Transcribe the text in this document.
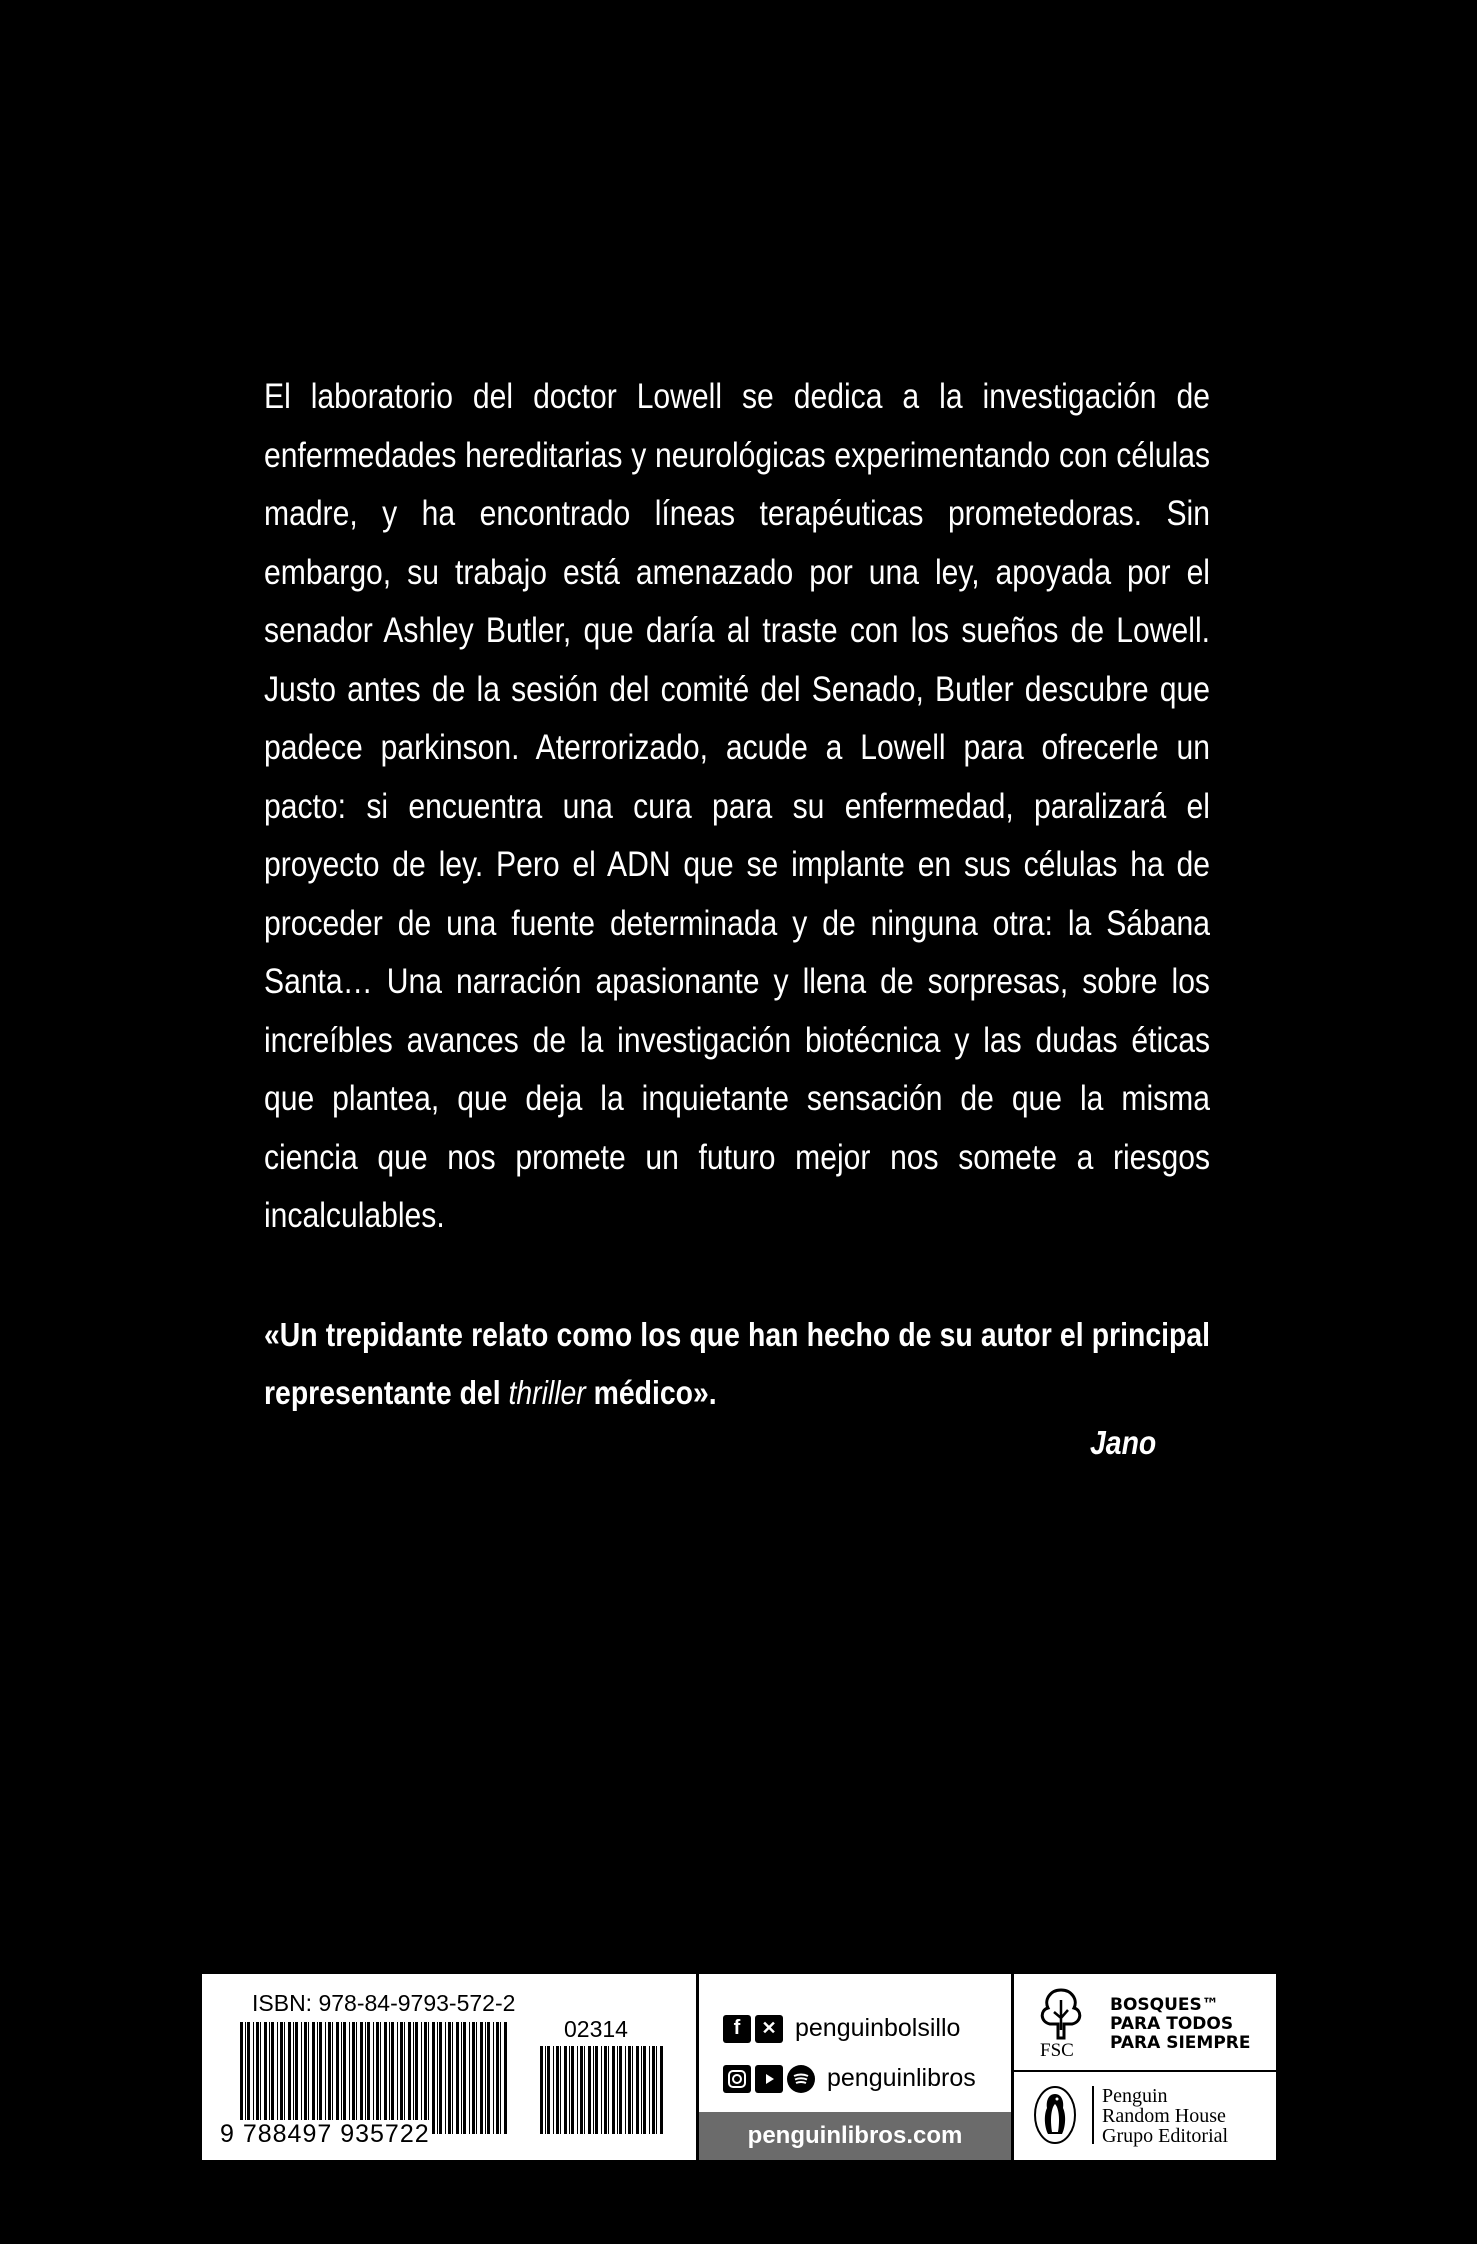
El laboratorio del doctor Lowell se dedica a la investigación de enfermedades hereditarias y neurológicas experimentando con células madre, y ha encontrado líneas terapéuticas prometedoras. Sin embargo, su trabajo está amenazado por una ley, apoyada por el senador Ashley Butler, que daría al traste con los sueños de Lowell. Justo antes de la sesión del comité del Senado, Butler descubre que padece parkinson. Aterrorizado, acude a Lowell para ofrecerle un pacto: si encuentra una cura para su enfermedad, paralizará el proyecto de ley. Pero el ADN que se implante en sus células ha de proceder de una fuente determinada y de ninguna otra: la Sábana Santa… Una narración apasionante y llena de sorpresas, sobre los increíbles avances de la investigación biotécnica y las dudas éticas que plantea, que deja la inquietante sensación de que la misma ciencia que nos promete un futuro mejor nos somete a riesgos incalculables.

«Un trepidante relato como los que han hecho de su autor el principal representante del thriller médico».

Jano
ISBN: 978-84-9793-572-2
02314
9 788497 935722
f	✕ penguinbolsillo
penguinlibros
penguinlibros.com
FSC
BOSQUES™
PARA TODOS
PARA SIEMPRE
Penguin
Random House
Grupo Editorial
